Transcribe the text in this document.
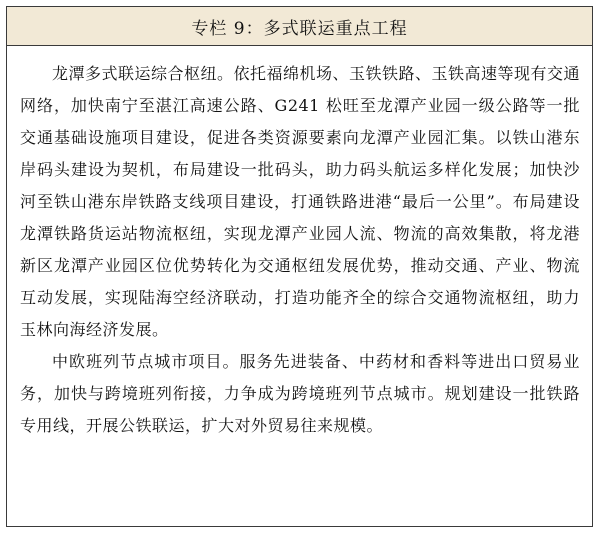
专栏 9：多式联运重点工程

龙潭多式联运综合枢纽。依托福绵机场、玉铁铁路、玉铁高速等现有交通网络，加快南宁至湛江高速公路、G241 松旺至龙潭产业园一级公路等一批交通基础设施项目建设，促进各类资源要素向龙潭产业园汇集。以铁山港东岸码头建设为契机，布局建设一批码头，助力码头航运多样化发展；加快沙河至铁山港东岸铁路支线项目建设，打通铁路进港“最后一公里”。布局建设龙潭铁路货运站物流枢纽，实现龙潭产业园人流、物流的高效集散，将龙港新区龙潭产业园区位优势转化为交通枢纽发展优势，推动交通、产业、物流互动发展，实现陆海空经济联动，打造功能齐全的综合交通物流枢纽，助力玉林向海经济发展。

中欧班列节点城市项目。服务先进装备、中药材和香料等进出口贸易业务，加快与跨境班列衔接，力争成为跨境班列节点城市。规划建设一批铁路专用线，开展公铁联运，扩大对外贸易往来规模。
